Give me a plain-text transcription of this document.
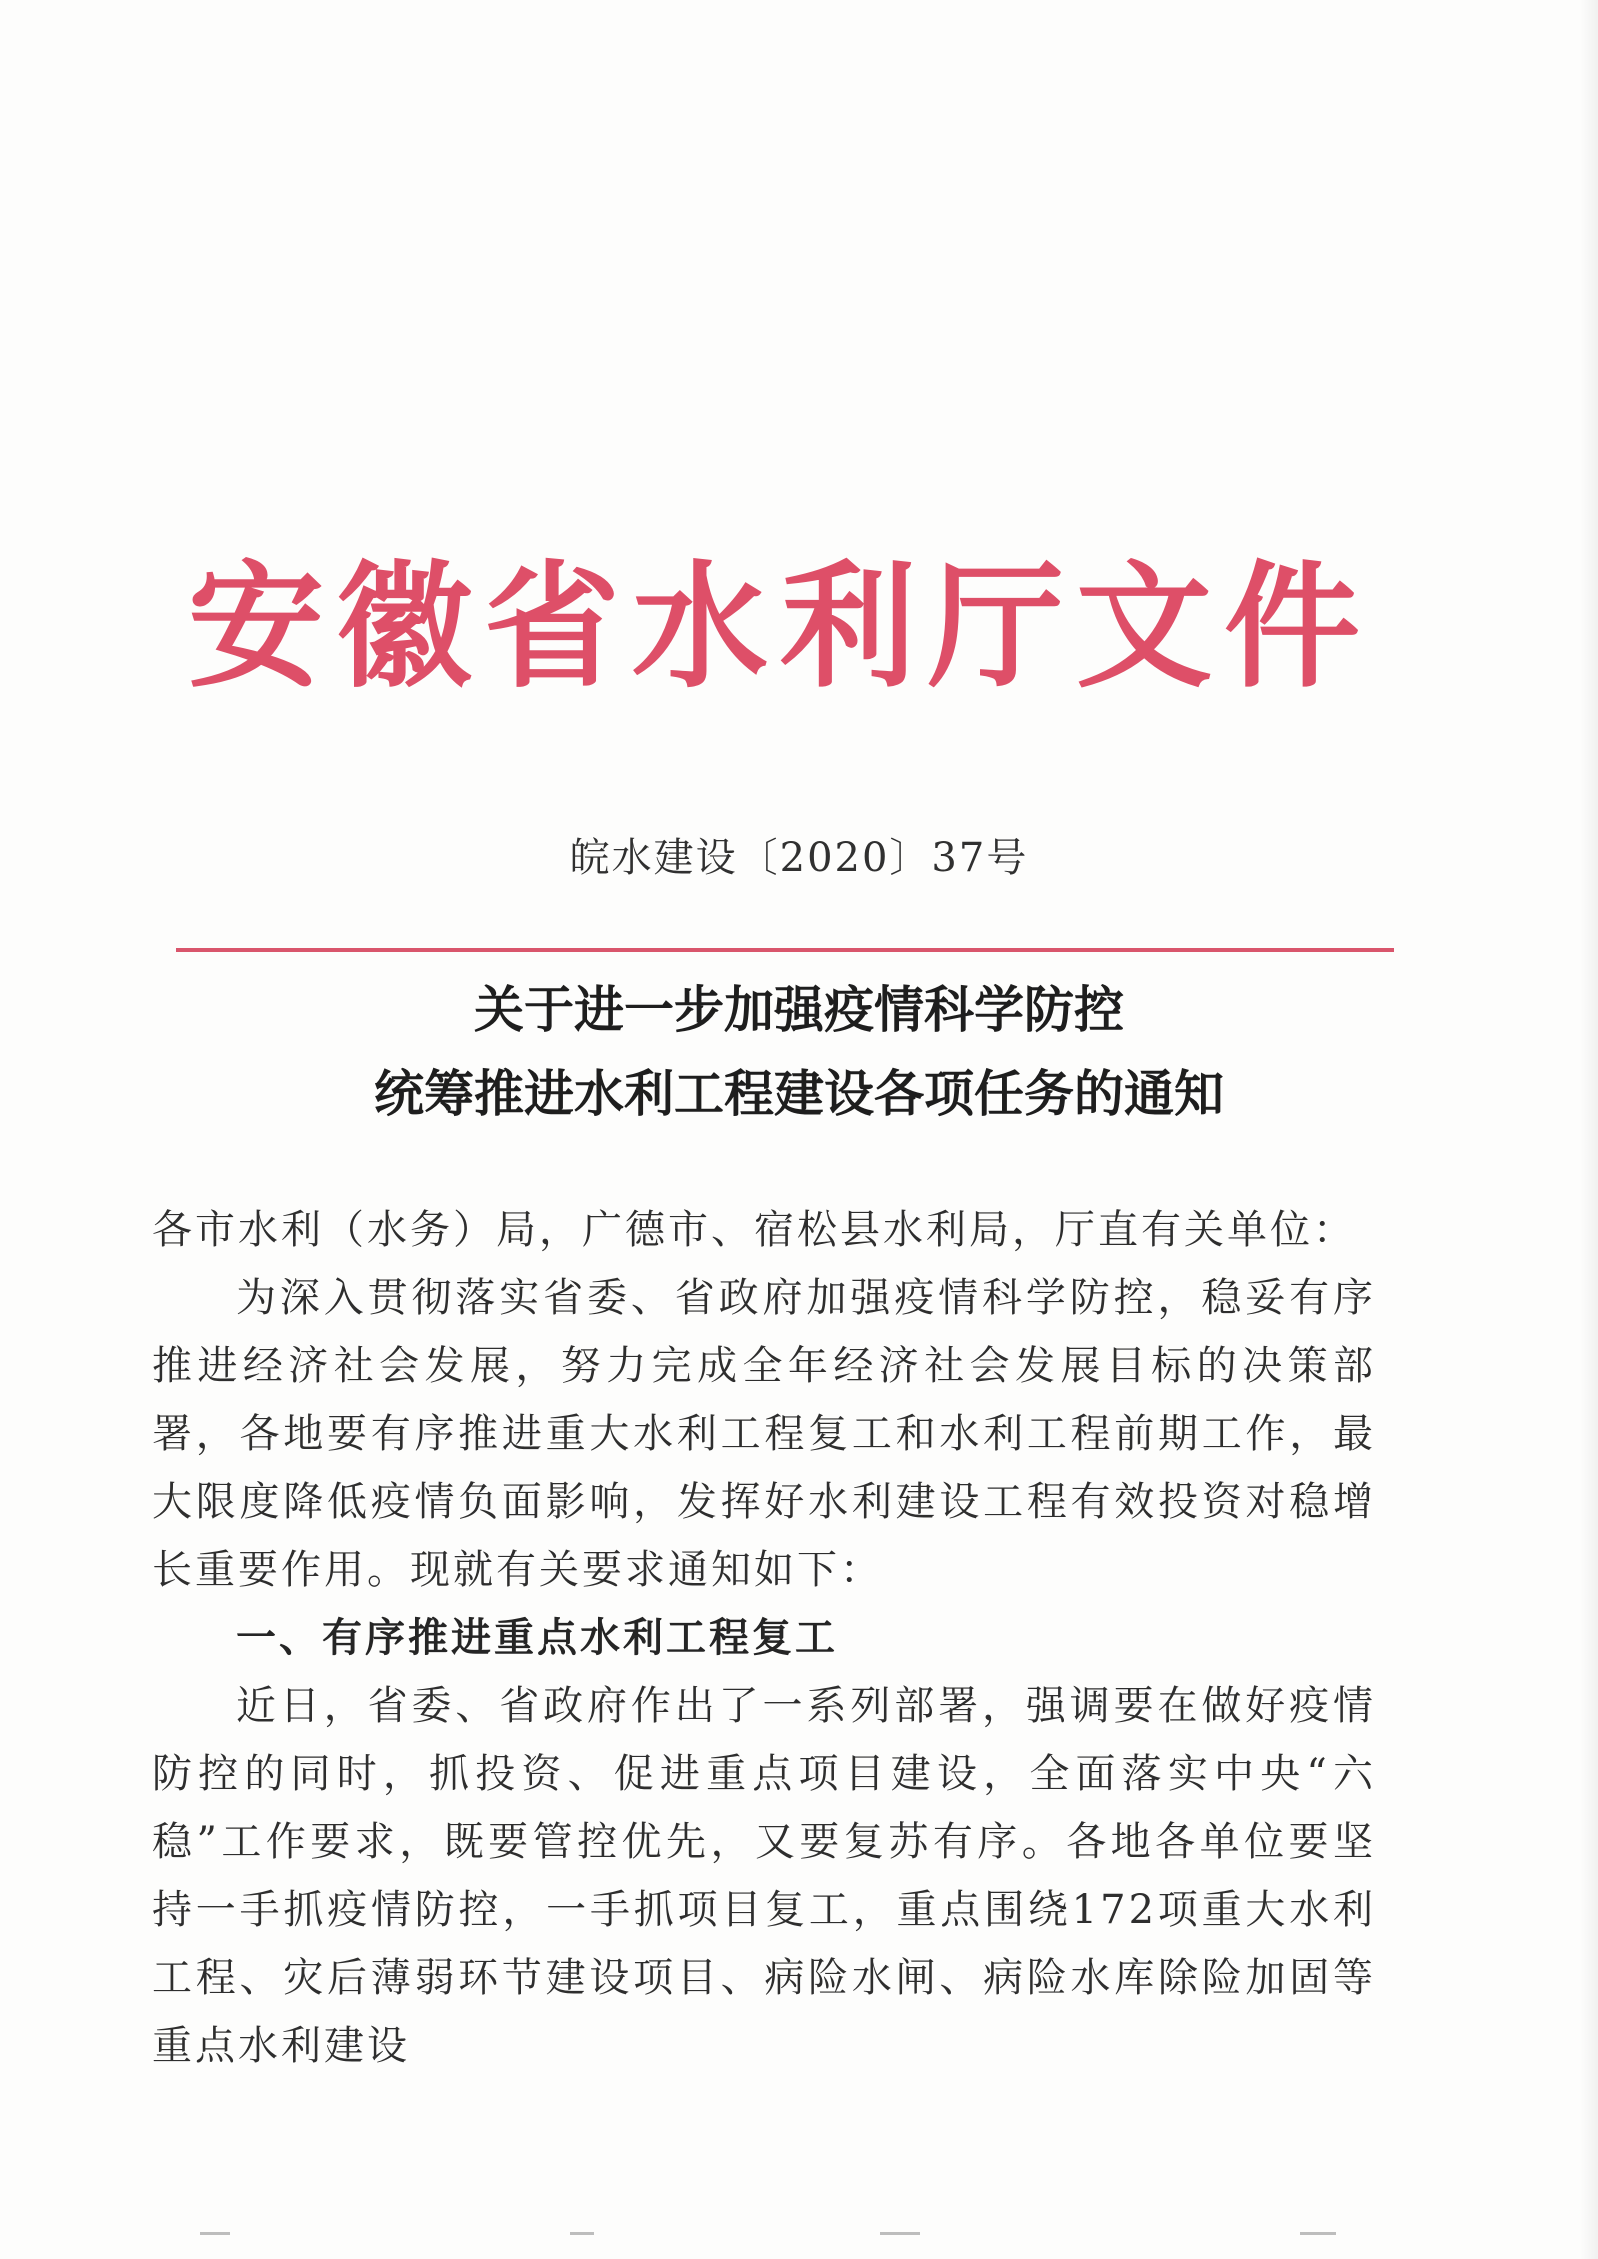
安徽省水利厅文件
皖水建设〔2020〕37号
关于进一步加强疫情科学防控
统筹推进水利工程建设各项任务的通知
各市水利（水务）局，广德市、宿松县水利局，厅直有关单位：
为深入贯彻落实省委、省政府加强疫情科学防控，稳妥有序推进经济社会发展，努力完成全年经济社会发展目标的决策部署，各地要有序推进重大水利工程复工和水利工程前期工作，最大限度降低疫情负面影响，发挥好水利建设工程有效投资对稳增长重要作用。现就有关要求通知如下：
一、有序推进重点水利工程复工
近日，省委、省政府作出了一系列部署，强调要在做好疫情防控的同时，抓投资、促进重点项目建设，全面落实中央“六稳”工作要求，既要管控优先，又要复苏有序。各地各单位要坚持一手抓疫情防控，一手抓项目复工，重点围绕172项重大水利工程、灾后薄弱环节建设项目、病险水闸、病险水库除险加固等重点水利建设
